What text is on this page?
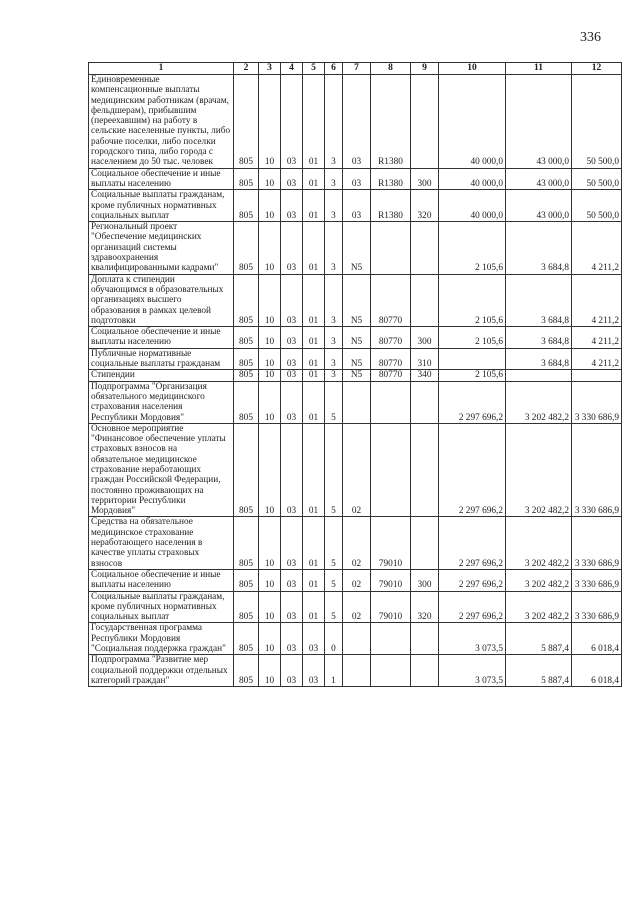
336
1	2	3	4	5	6	7	8	9	10	11	12
Единовременные компенсационные выплаты медицинским работникам (врачам, фельдшерам), прибывшим (переехавшим) на работу в сельские населенные пункты, либо рабочие поселки, либо поселки городского типа, либо города с населением до 50 тыс. человек	805	10	03	01	3	03	R1380		40 000,0	43 000,0	50 500,0
Социальное обеспечение и иные выплаты населению	805	10	03	01	3	03	R1380	300	40 000,0	43 000,0	50 500,0
Социальные выплаты гражданам, кроме публичных нормативных социальных выплат	805	10	03	01	3	03	R1380	320	40 000,0	43 000,0	50 500,0
Региональный проект "Обеспечение медицинских организаций системы здравоохранения квалифицированными кадрами"	805	10	03	01	3	N5			2 105,6	3 684,8	4 211,2
Доплата к стипендии обучающимся в образовательных организациях высшего образования в рамках целевой подготовки	805	10	03	01	3	N5	80770		2 105,6	3 684,8	4 211,2
Социальное обеспечение и иные выплаты населению	805	10	03	01	3	N5	80770	300	2 105,6	3 684,8	4 211,2
Публичные нормативные социальные выплаты гражданам	805	10	03	01	3	N5	80770	310		3 684,8	4 211,2
Стипендии	805	10	03	01	3	N5	80770	340	2 105,6		
Подпрограмма "Организация обязательного медицинского страхования населения Республики Мордовия"	805	10	03	01	5				2 297 696,2	3 202 482,2	3 330 686,9
Основное мероприятие "Финансовое обеспечение уплаты страховых взносов на обязательное медицинское страхование неработающих граждан Российской Федерации, постоянно проживающих на территории Республики Мордовия"	805	10	03	01	5	02			2 297 696,2	3 202 482,2	3 330 686,9
Средства на обязательное медицинское страхование неработающего населения в качестве уплаты страховых взносов	805	10	03	01	5	02	79010		2 297 696,2	3 202 482,2	3 330 686,9
Социальное обеспечение и иные выплаты населению	805	10	03	01	5	02	79010	300	2 297 696,2	3 202 482,2	3 330 686,9
Социальные выплаты гражданам, кроме публичных нормативных социальных выплат	805	10	03	01	5	02	79010	320	2 297 696,2	3 202 482,2	3 330 686,9
Государственная программа Республики Мордовия "Социальная поддержка граждан"	805	10	03	03	0				3 073,5	5 887,4	6 018,4
Подпрограмма "Развитие мер социальной поддержки отдельных категорий граждан"	805	10	03	03	1				3 073,5	5 887,4	6 018,4
